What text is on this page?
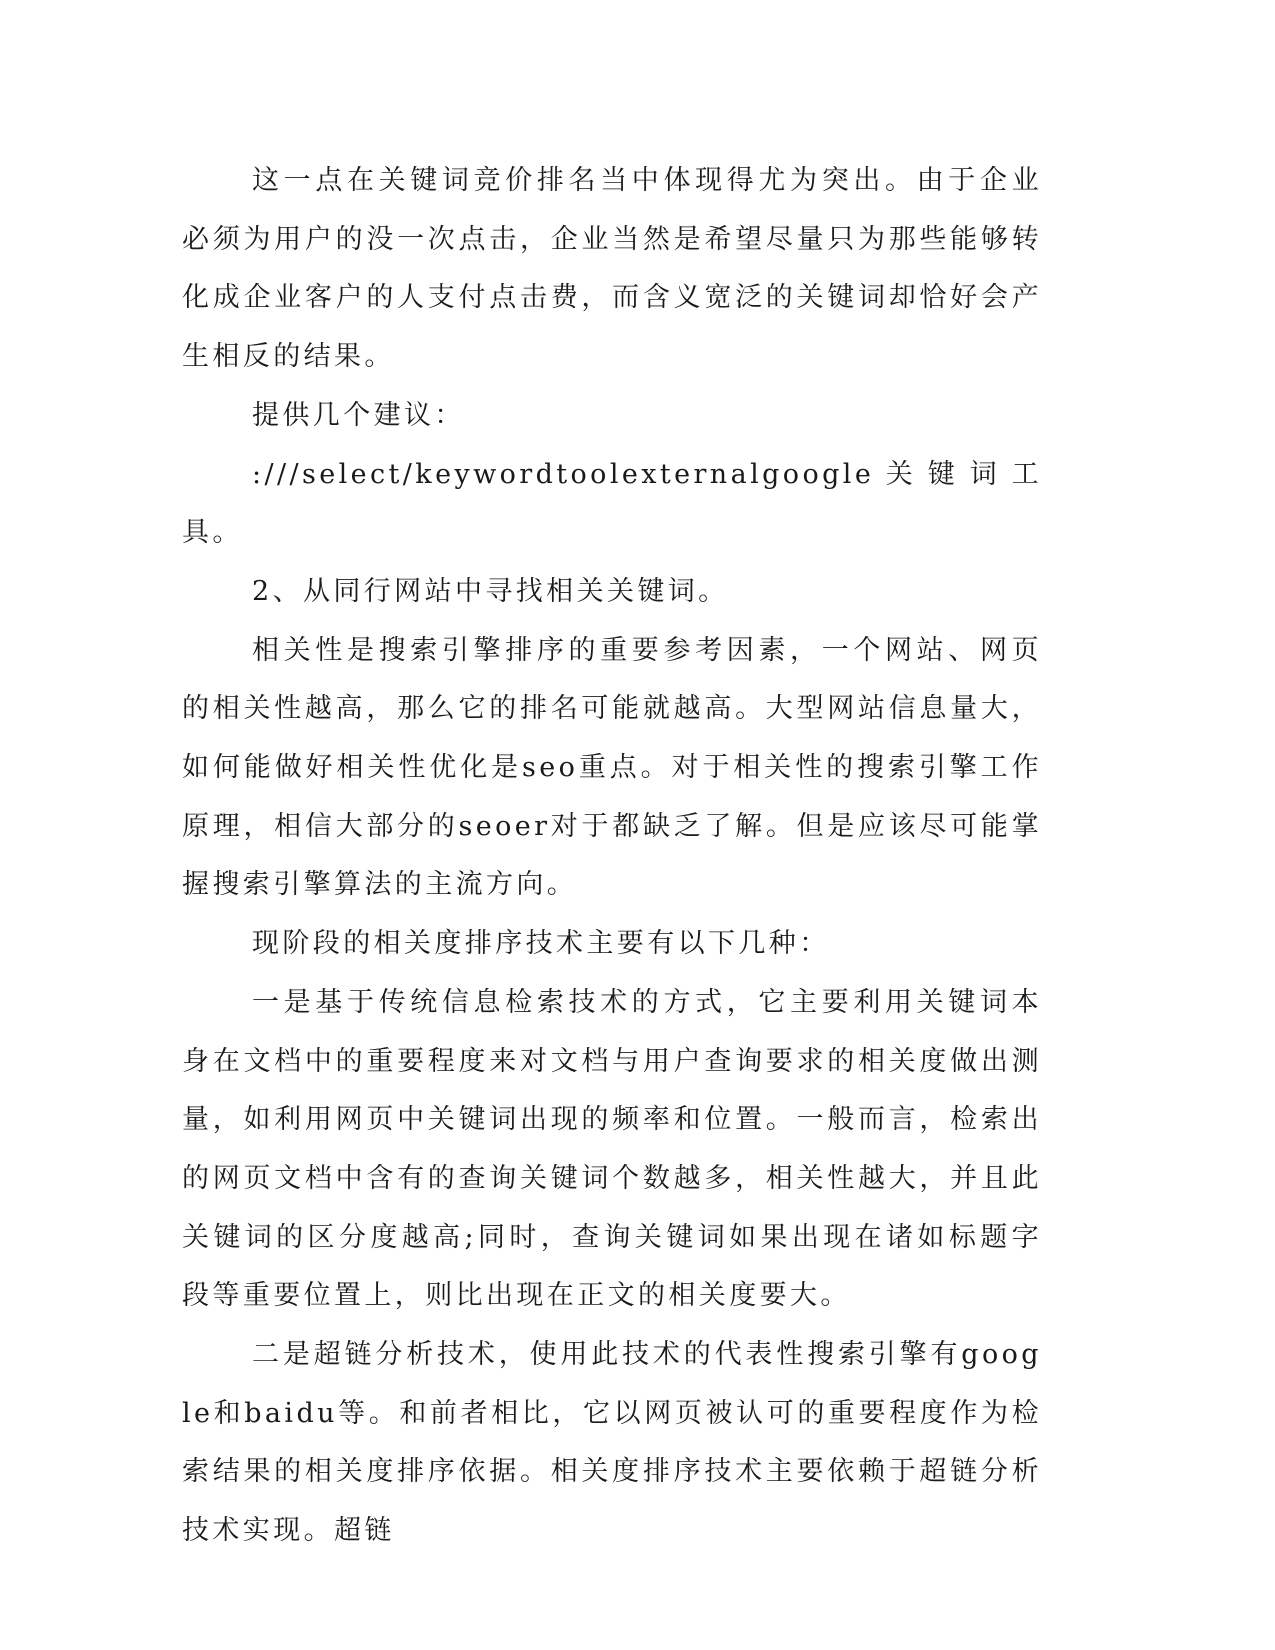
这一点在关键词竞价排名当中体现得尤为突出。由于企业必须为用户的没一次点击，企业当然是希望尽量只为那些能够转化成企业客户的人支付点击费，而含义宽泛的关键词却恰好会产生相反的结果。

提供几个建议：

:///select/keywordtoolexternalgoogle关键词工具。

2、从同行网站中寻找相关关键词。

相关性是搜索引擎排序的重要参考因素，一个网站、网页的相关性越高，那么它的排名可能就越高。大型网站信息量大，如何能做好相关性优化是seo重点。对于相关性的搜索引擎工作原理，相信大部分的seoer对于都缺乏了解。但是应该尽可能掌握搜索引擎算法的主流方向。

现阶段的相关度排序技术主要有以下几种：

一是基于传统信息检索技术的方式，它主要利用关键词本身在文档中的重要程度来对文档与用户查询要求的相关度做出测量，如利用网页中关键词出现的频率和位置。一般而言，检索出的网页文档中含有的查询关键词个数越多，相关性越大，并且此关键词的区分度越高;同时，查询关键词如果出现在诸如标题字段等重要位置上，则比出现在正文的相关度要大。

二是超链分析技术，使用此技术的代表性搜索引擎有google和baidu等。和前者相比，它以网页被认可的重要程度作为检索结果的相关度排序依据。相关度排序技术主要依赖于超链分析技术实现。超链
